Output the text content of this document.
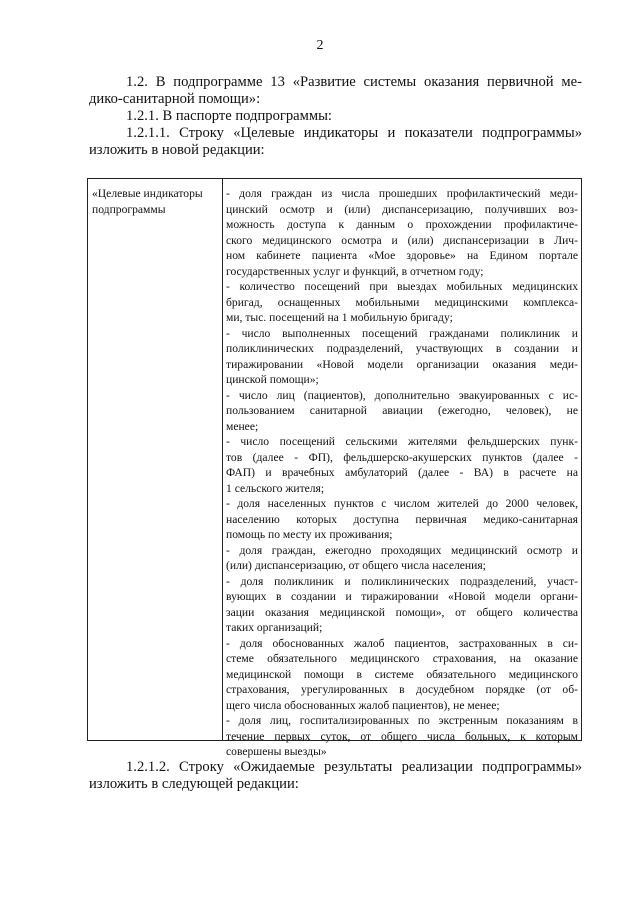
2
1.2. В подпрограмме 13 «Развитие системы оказания первичной ме-
дико-санитарной помощи»:
1.2.1. В паспорте подпрограммы:
1.2.1.1. Строку «Целевые индикаторы и показатели подпрограммы»
изложить в новой редакции:
«Целевые индикаторы
подпрограммы
- доля граждан из числа прошедших профилактический меди-
цинский осмотр и (или) диспансеризацию, получивших воз-
можность доступа к данным о прохождении профилактиче-
ского медицинского осмотра и (или) диспансеризации в Лич-
ном кабинете пациента «Мое здоровье» на Едином портале
государственных услуг и функций, в отчетном году;
- количество посещений при выездах мобильных медицинских
бригад, оснащенных мобильными медицинскими комплекса-
ми, тыс. посещений на 1 мобильную бригаду;
- число выполненных посещений гражданами поликлиник и
поликлинических подразделений, участвующих в создании и
тиражировании «Новой модели организации оказания меди-
цинской помощи»;
- число лиц (пациентов), дополнительно эвакуированных с ис-
пользованием санитарной авиации (ежегодно, человек), не
менее;
- число посещений сельскими жителями фельдшерских пунк-
тов (далее - ФП), фельдшерско-акушерских пунктов (далее -
ФАП) и врачебных амбулаторий (далее - ВА) в расчете на
1 сельского жителя;
- доля населенных пунктов с числом жителей до 2000 человек,
населению которых доступна первичная медико-санитарная
помощь по месту их проживания;
- доля граждан, ежегодно проходящих медицинский осмотр и
(или) диспансеризацию, от общего числа населения;
- доля поликлиник и поликлинических подразделений, участ-
вующих в создании и тиражировании «Новой модели органи-
зации оказания медицинской помощи», от общего количества
таких организаций;
- доля обоснованных жалоб пациентов, застрахованных в си-
стеме обязательного медицинского страхования, на оказание
медицинской помощи в системе обязательного медицинского
страхования, урегулированных в досудебном порядке (от об-
щего числа обоснованных жалоб пациентов), не менее;
- доля лиц, госпитализированных по экстренным показаниям в
течение первых суток, от общего числа больных, к которым
совершены выезды»
1.2.1.2. Строку «Ожидаемые результаты реализации подпрограммы»
изложить в следующей редакции:
